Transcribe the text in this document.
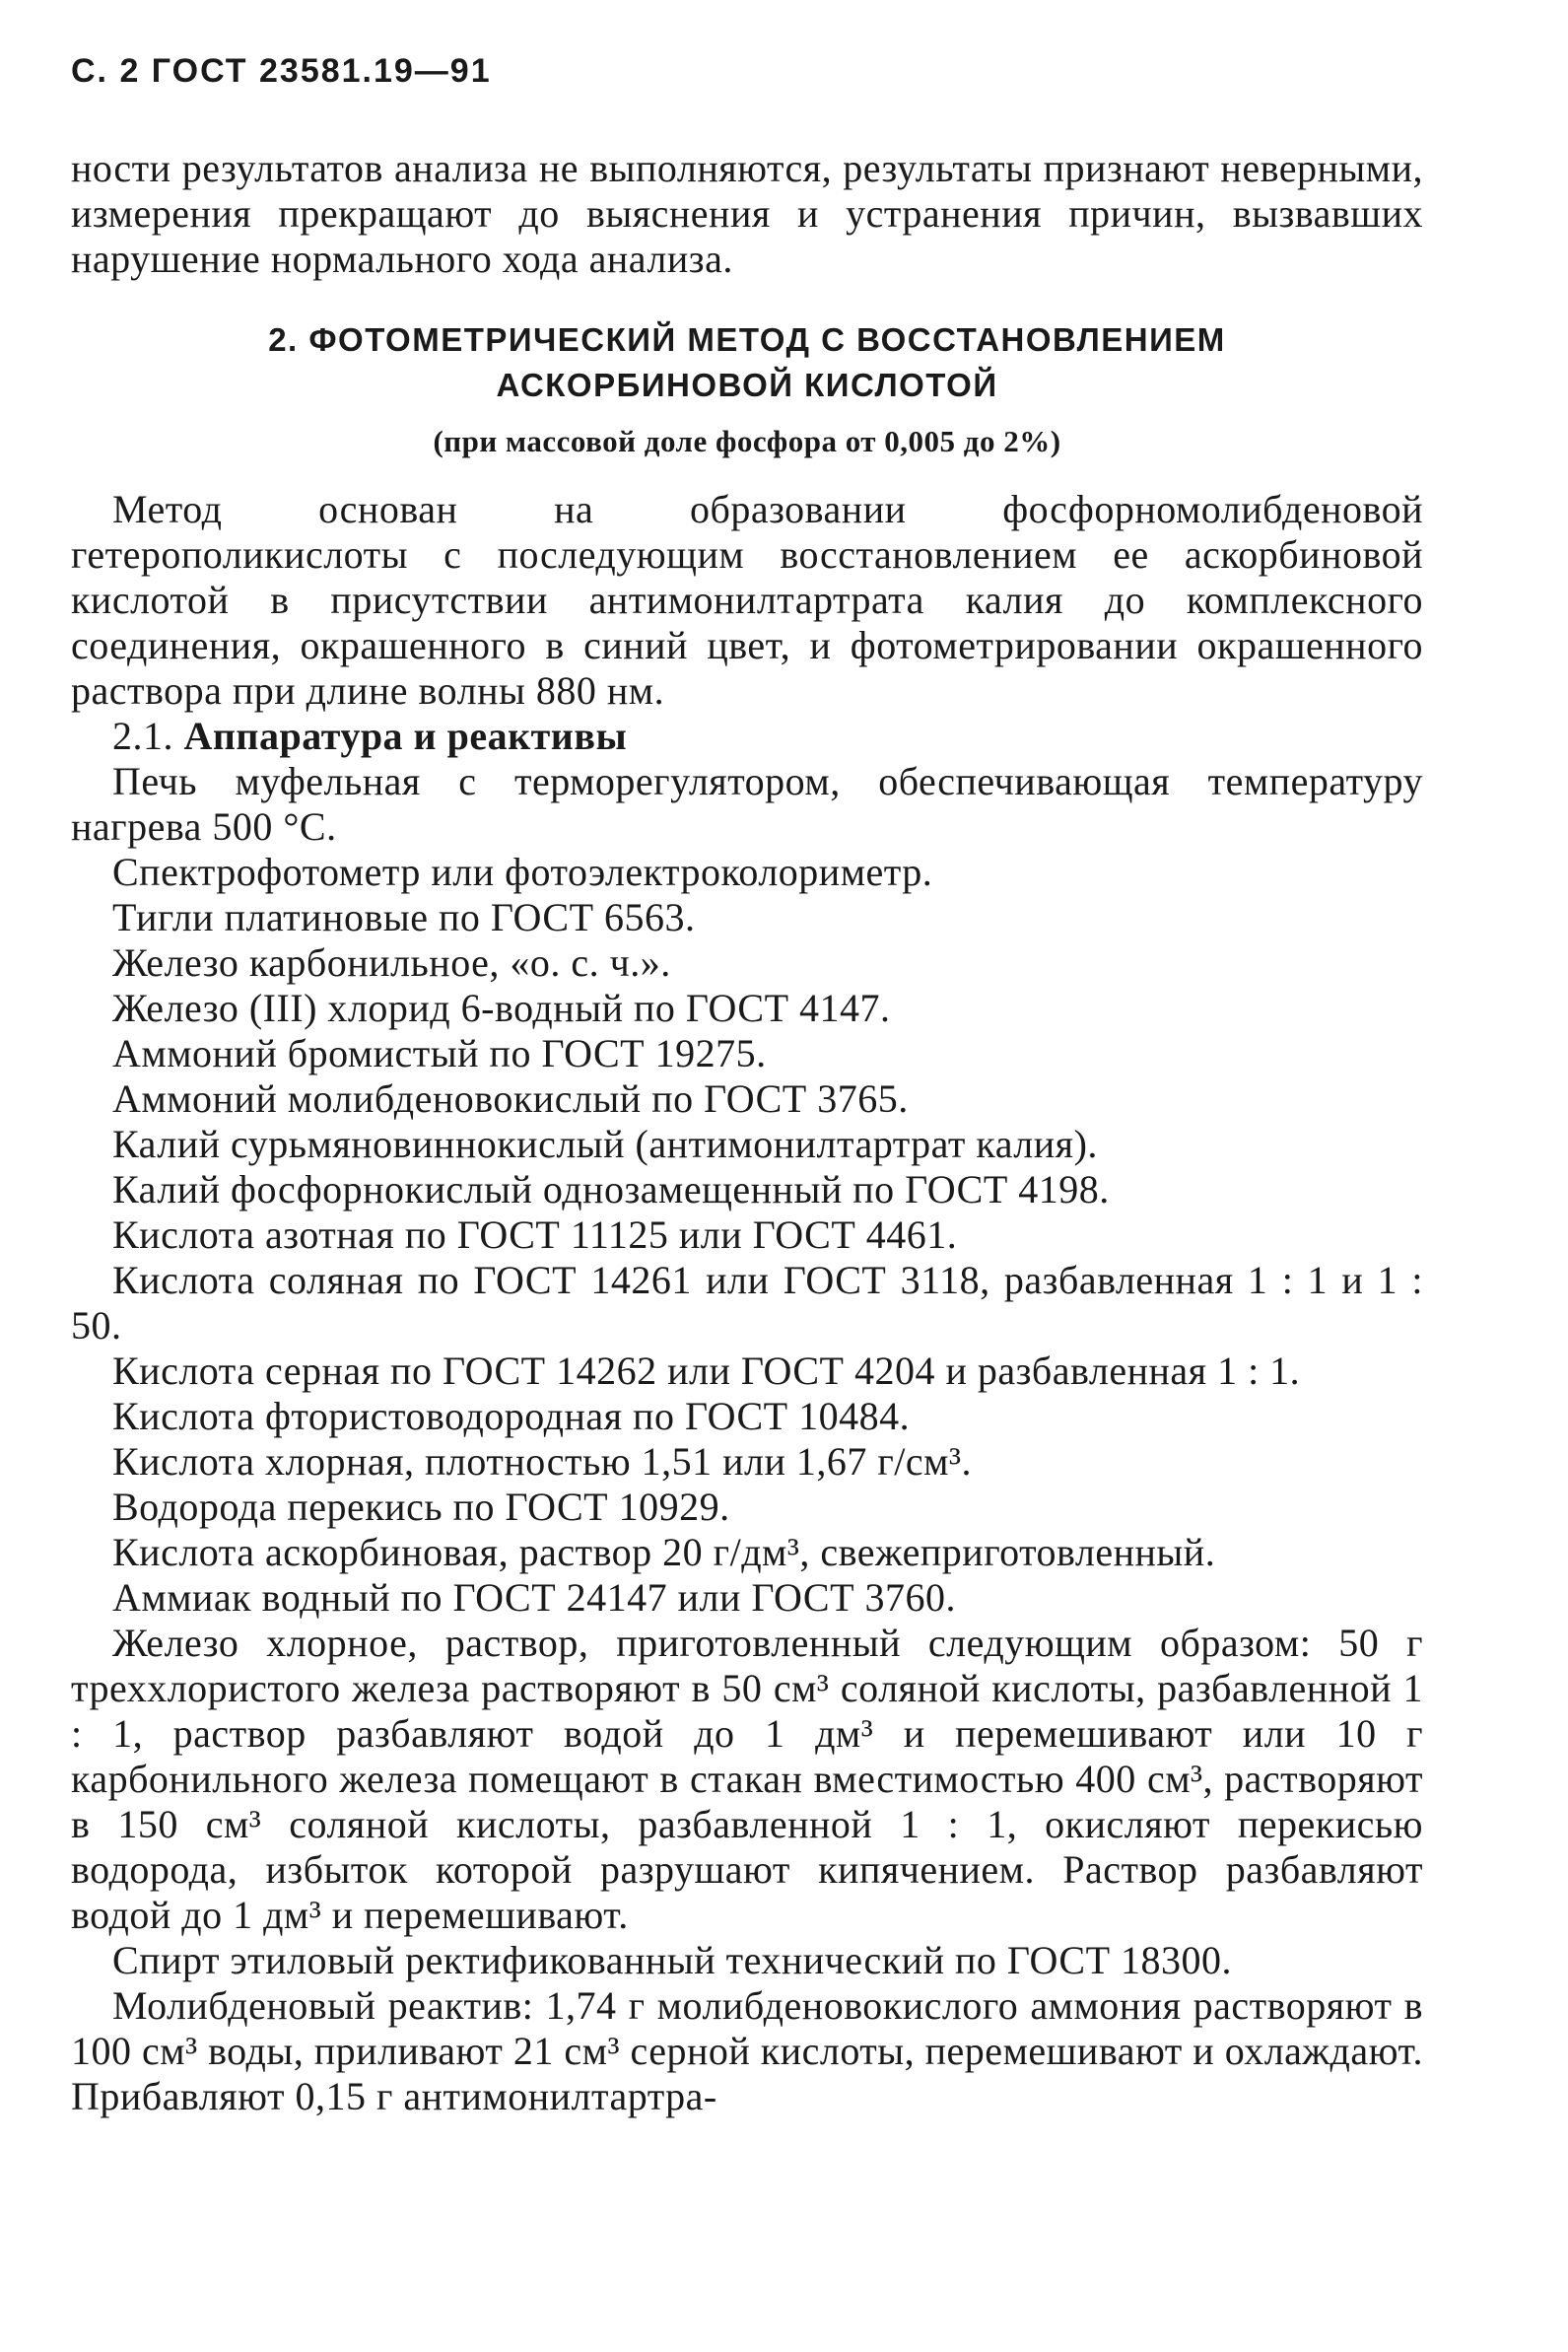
С. 2 ГОСТ 23581.19—91

ности результатов анализа не выполняются, результаты признают неверными, измерения прекращают до выяснения и устранения причин, вызвавших нарушение нормального хода анализа.

2. ФОТОМЕТРИЧЕСКИЙ МЕТОД С ВОССТАНОВЛЕНИЕМ
АСКОРБИНОВОЙ КИСЛОТОЙ
(при массовой доле фосфора от 0,005 до 2%)

Метод основан на образовании фосфорномолибденовой гетерополикислоты с последующим восстановлением ее аскорбиновой кислотой в присутствии антимонилтартрата калия до комплексного соединения, окрашенного в синий цвет, и фотометрировании окрашенного раствора при длине волны 880 нм.

2.1. Аппаратура и реактивы

Печь муфельная с терморегулятором, обеспечивающая температуру нагрева 500 °С.

Спектрофотометр или фотоэлектроколориметр.

Тигли платиновые по ГОСТ 6563.

Железо карбонильное, «о. с. ч.».

Железо (III) хлорид 6-водный по ГОСТ 4147.

Аммоний бромистый по ГОСТ 19275.

Аммоний молибденовокислый по ГОСТ 3765.

Калий сурьмяновиннокислый (антимонилтартрат калия).

Калий фосфорнокислый однозамещенный по ГОСТ 4198.

Кислота азотная по ГОСТ 11125 или ГОСТ 4461.

Кислота соляная по ГОСТ 14261 или ГОСТ 3118, разбавленная 1 : 1 и 1 : 50.

Кислота серная по ГОСТ 14262 или ГОСТ 4204 и разбавленная 1 : 1.

Кислота фтористоводородная по ГОСТ 10484.

Кислота хлорная, плотностью 1,51 или 1,67 г/см³.

Водорода перекись по ГОСТ 10929.

Кислота аскорбиновая, раствор 20 г/дм³, свежеприготовленный.

Аммиак водный по ГОСТ 24147 или ГОСТ 3760.

Железо хлорное, раствор, приготовленный следующим образом: 50 г треххлористого железа растворяют в 50 см³ соляной кислоты, разбавленной 1 : 1, раствор разбавляют водой до 1 дм³ и перемешивают или 10 г карбонильного железа помещают в стакан вместимостью 400 см³, растворяют в 150 см³ соляной кислоты, разбавленной 1 : 1, окисляют перекисью водорода, избыток которой разрушают кипячением. Раствор разбавляют водой до 1 дм³ и перемешивают.

Спирт этиловый ректификованный технический по ГОСТ 18300.

Молибденовый реактив: 1,74 г молибденовокислого аммония растворяют в 100 см³ воды, приливают 21 см³ серной кислоты, перемешивают и охлаждают. Прибавляют 0,15 г антимонилтартра-
